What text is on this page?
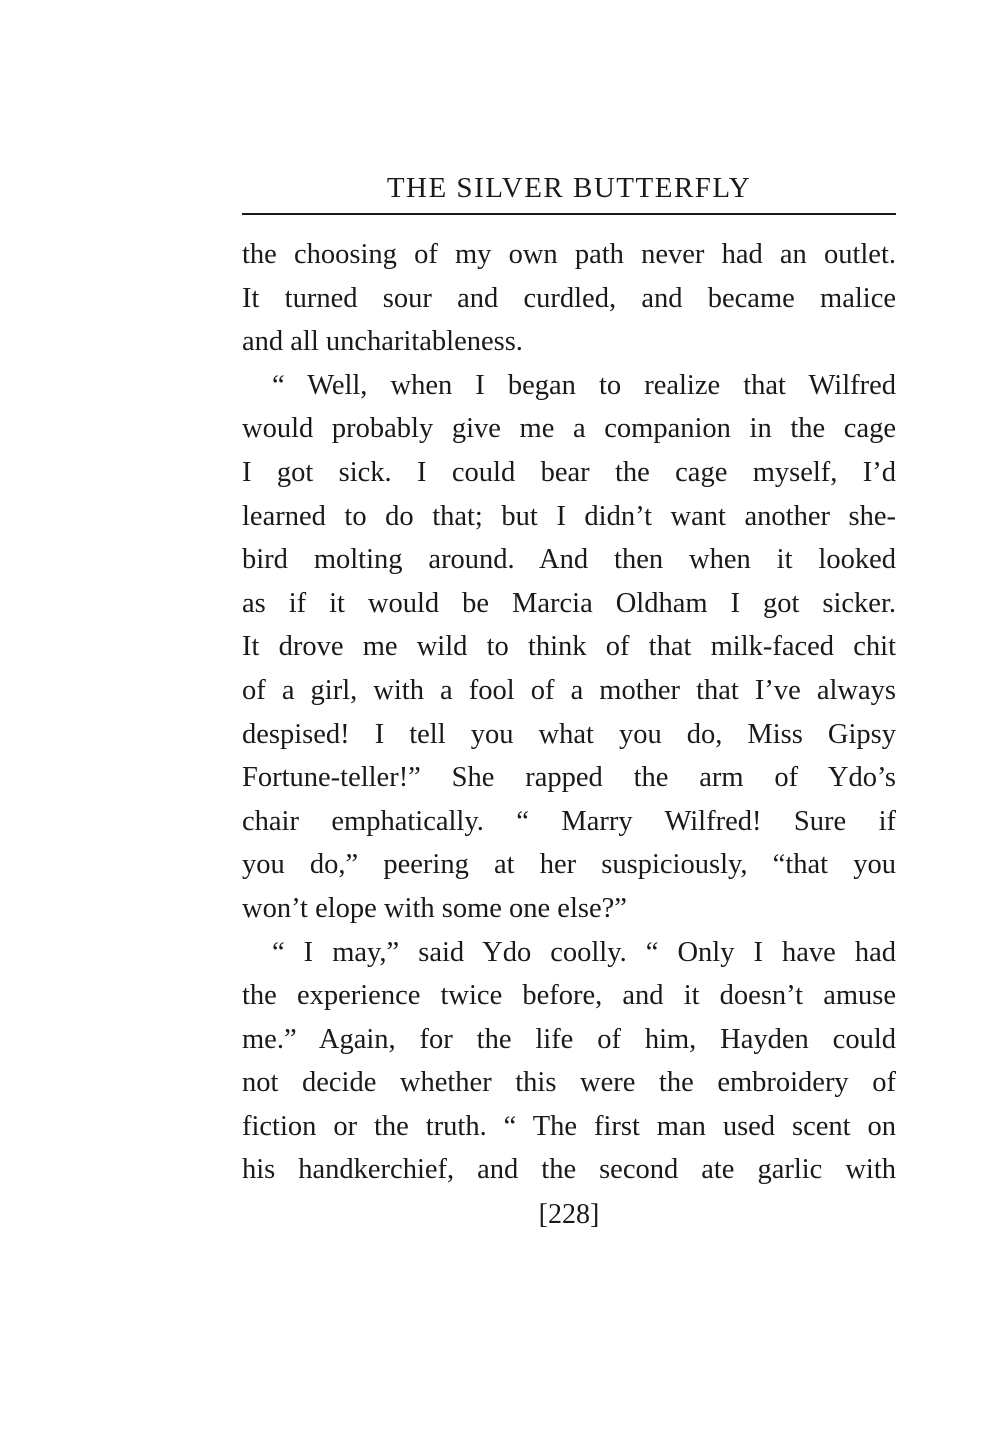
THE SILVER BUTTERFLY
the choosing of my own path never had an outlet.
It turned sour and curdled, and became malice
and all uncharitableness.
“ Well, when I began to realize that Wilfred
would probably give me a companion in the cage
I got sick. I could bear the cage myself, I’d
learned to do that; but I didn’t want another she-
bird molting around. And then when it looked
as if it would be Marcia Oldham I got sicker.
It drove me wild to think of that milk-faced chit
of a girl, with a fool of a mother that I’ve always
despised! I tell you what you do, Miss Gipsy
Fortune-teller!” She rapped the arm of Ydo’s
chair emphatically. “ Marry Wilfred! Sure if
you do,” peering at her suspiciously, “that you
won’t elope with some one else?”
“ I may,” said Ydo coolly. “ Only I have had
the experience twice before, and it doesn’t amuse
me.” Again, for the life of him, Hayden could
not decide whether this were the embroidery of
fiction or the truth. “ The first man used scent on
his handkerchief, and the second ate garlic with
[228]
